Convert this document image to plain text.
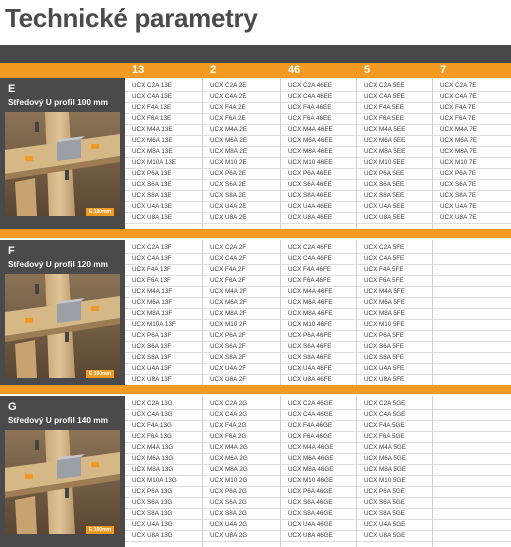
Technické parametry
13	2	46	5	7
E
Středový U profil 100 mm
E 100mm
UCX C2A 13E	UCX C2A 2E	UCX C2A 46EE	UCX C2A 5EE	UCX C2A 7E
UCX C4A 13E	UCX C4A 2E	UCX C4A 46EE	UCX C4A 5EE	UCX C4A 7E
UCX F4A 13E	UCX F4A 2E	UCX F4A 46EE	UCX F4A 5EE	UCX F4A 7E
UCX F6A 13E	UCX F6A 2E	UCX F6A 46EE	UCX F6A 5EE	UCX F6A 7E
UCX M4A 13E	UCX M4A 2E	UCX M4A 46EE	UCX M4A 5EE	UCX M4A 7E
UCX M6A 13E	UCX M6A 2E	UCX M6A 46EE	UCX M6A 5EE	UCX M6A 7E
UCX M8A 13E	UCX M8A 2E	UCX M8A 46EE	UCX M8A 5EE	UCX M8A 7E
UCX M10A 13E	UCX M10 2E	UCX M10 46EE	UCX M10 5EE	UCX M10 7E
UCX P6A 13E	UCX P6A 2E	UCX P6A 46EE	UCX P6A 5EE	UCX P6A 7E
UCX S6A 13E	UCX S6A 2E	UCX S6A 46EE	UCX S6A 5EE	UCX S6A 7E
UCX S8A 13E	UCX S8A 2E	UCX S8A 46EE	UCX S8A 5EE	UCX S8A 7E
UCX U4A 13E	UCX U4A 2E	UCX U4A 46EE	UCX U4A 5EE	UCX U4A 7E
UCX U8A 13E	UCX U8A 2E	UCX U8A 46EE	UCX U8A 5EE	UCX U8A 7E
F
Středový U profil 120 mm
E 100mm
UCX C2A 13F	UCX C2A 2F	UCX C2A 46FE	UCX C2A 5FE
UCX C4A 13F	UCX C4A 2F	UCX C4A 46FE	UCX C4A 5FE
UCX F4A 13F	UCX F4A 2F	UCX F4A 46FE	UCX F4A 5FE
UCX F6A 13F	UCX F6A 2F	UCX F6A 46FE	UCX F6A 5FE
UCX M4A 13F	UCX M4A 2F	UCX M4A 46FE	UCX M4A 5FE
UCX M6A 13F	UCX M6A 2F	UCX M6A 46FE	UCX M6A 5FE
UCX M8A 13F	UCX M8A 2F	UCX M8A 46FE	UCX M8A 5FE
UCX M10A 13F	UCX M10 2F	UCX M10 46FE	UCX M10 5FE
UCX P6A 13F	UCX P6A 2F	UCX P6A 46FE	UCX P6A 5FE
UCX S6A 13F	UCX S6A 2F	UCX S6A 46FE	UCX S6A 5FE
UCX S8A 13F	UCX S8A 2F	UCX S8A 46FE	UCX S8A 5FE
UCX U4A 13F	UCX U4A 2F	UCX U4A 46FE	UCX U4A 5FE
UCX U8A 13F	UCX U8A 2F	UCX U8A 46FE	UCX U8A 5FE
G
Středový U profil 140 mm
E 100mm
UCX C2A 13G	UCX C2A 2G	UCX C2A 46GE	UCX C2A 5GE
UCX C4A 13G	UCX C4A 2G	UCX C4A 46GE	UCX C4A 5GE
UCX F4A 13G	UCX F4A 2G	UCX F4A 46GE	UCX F4A 5GE
UCX F6A 13G	UCX F6A 2G	UCX F6A 46GE	UCX F6A 5GE
UCX M4A 13G	UCX M4A 2G	UCX M4A 46GE	UCX M4A 5GE
UCX M6A 13G	UCX M6A 2G	UCX M6A 46GE	UCX M6A 5GE
UCX M8A 13G	UCX M8A 2G	UCX M8A 46GE	UCX M8A 5GE
UCX M10A 13G	UCX M10 2G	UCX M10 46GE	UCX M10 5GE
UCX P6A 13G	UCX P6A 2G	UCX P6A 46GE	UCX P6A 5GE
UCX S6A 13G	UCX S6A 2G	UCX S6A 46GE	UCX S6A 5GE
UCX S8A 13G	UCX S8A 2G	UCX S8A 46GE	UCX S8A 5GE
UCX U4A 13G	UCX U4A 2G	UCX U4A 46GE	UCX U4A 5GE
UCX U8A 13G	UCX U8A 2G	UCX U8A 46GE	UCX U8A 5GE
